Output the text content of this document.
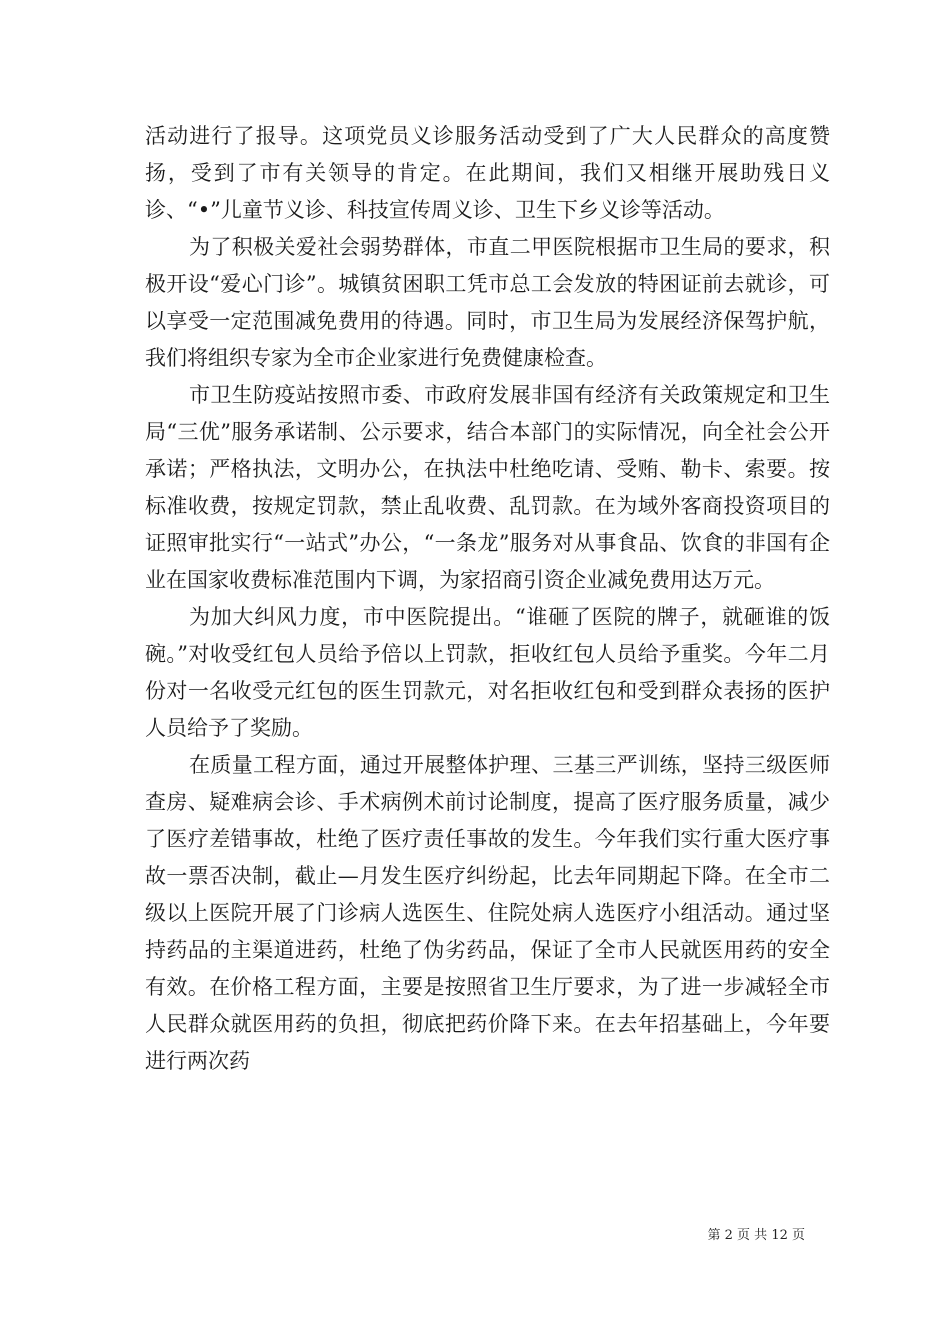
活动进行了报导。这项党员义诊服务活动受到了广大人民群众的高度赞扬，受到了市有关领导的肯定。在此期间，我们又相继开展助残日义诊、“•”儿童节义诊、科技宣传周义诊、卫生下乡义诊等活动。

为了积极关爱社会弱势群体，市直二甲医院根据市卫生局的要求，积极开设“爱心门诊”。城镇贫困职工凭市总工会发放的特困证前去就诊，可以享受一定范围减免费用的待遇。同时，市卫生局为发展经济保驾护航，我们将组织专家为全市企业家进行免费健康检查。

市卫生防疫站按照市委、市政府发展非国有经济有关政策规定和卫生局“三优”服务承诺制、公示要求，结合本部门的实际情况，向全社会公开承诺；严格执法，文明办公，在执法中杜绝吃请、受贿、勒卡、索要。按标准收费，按规定罚款，禁止乱收费、乱罚款。在为域外客商投资项目的证照审批实行“一站式”办公，“一条龙”服务对从事食品、饮食的非国有企业在国家收费标准范围内下调，为家招商引资企业减免费用达万元。

为加大纠风力度，市中医院提出。“谁砸了医院的牌子，就砸谁的饭碗。”对收受红包人员给予倍以上罚款，拒收红包人员给予重奖。今年二月份对一名收受元红包的医生罚款元，对名拒收红包和受到群众表扬的医护人员给予了奖励。

在质量工程方面，通过开展整体护理、三基三严训练，坚持三级医师查房、疑难病会诊、手术病例术前讨论制度，提高了医疗服务质量，减少了医疗差错事故，杜绝了医疗责任事故的发生。今年我们实行重大医疗事故一票否决制，截止—月发生医疗纠纷起，比去年同期起下降。在全市二级以上医院开展了门诊病人选医生、住院处病人选医疗小组活动。通过坚持药品的主渠道进药，杜绝了伪劣药品，保证了全市人民就医用药的安全有效。在价格工程方面，主要是按照省卫生厅要求，为了进一步减轻全市人民群众就医用药的负担，彻底把药价降下来。在去年招基础上，今年要进行两次药

第 2 页 共 12 页
